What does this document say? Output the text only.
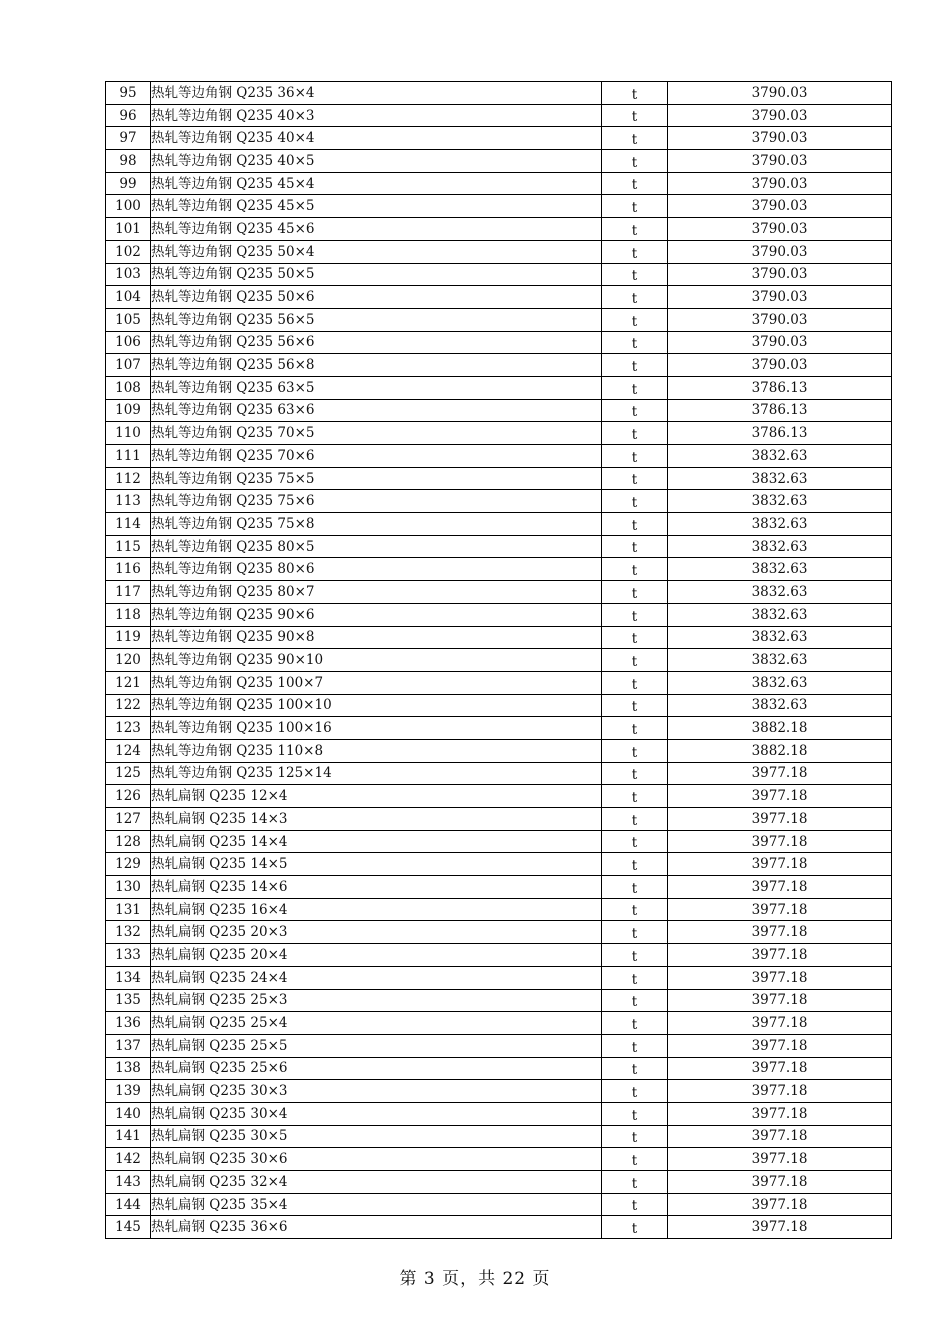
95	热轧等边角钢 Q235 36×4	t	3790.03
96	热轧等边角钢 Q235 40×3	t	3790.03
97	热轧等边角钢 Q235 40×4	t	3790.03
98	热轧等边角钢 Q235 40×5	t	3790.03
99	热轧等边角钢 Q235 45×4	t	3790.03
100	热轧等边角钢 Q235 45×5	t	3790.03
101	热轧等边角钢 Q235 45×6	t	3790.03
102	热轧等边角钢 Q235 50×4	t	3790.03
103	热轧等边角钢 Q235 50×5	t	3790.03
104	热轧等边角钢 Q235 50×6	t	3790.03
105	热轧等边角钢 Q235 56×5	t	3790.03
106	热轧等边角钢 Q235 56×6	t	3790.03
107	热轧等边角钢 Q235 56×8	t	3790.03
108	热轧等边角钢 Q235 63×5	t	3786.13
109	热轧等边角钢 Q235 63×6	t	3786.13
110	热轧等边角钢 Q235 70×5	t	3786.13
111	热轧等边角钢 Q235 70×6	t	3832.63
112	热轧等边角钢 Q235 75×5	t	3832.63
113	热轧等边角钢 Q235 75×6	t	3832.63
114	热轧等边角钢 Q235 75×8	t	3832.63
115	热轧等边角钢 Q235 80×5	t	3832.63
116	热轧等边角钢 Q235 80×6	t	3832.63
117	热轧等边角钢 Q235 80×7	t	3832.63
118	热轧等边角钢 Q235 90×6	t	3832.63
119	热轧等边角钢 Q235 90×8	t	3832.63
120	热轧等边角钢 Q235 90×10	t	3832.63
121	热轧等边角钢 Q235 100×7	t	3832.63
122	热轧等边角钢 Q235 100×10	t	3832.63
123	热轧等边角钢 Q235 100×16	t	3882.18
124	热轧等边角钢 Q235 110×8	t	3882.18
125	热轧等边角钢 Q235 125×14	t	3977.18
126	热轧扁钢 Q235 12×4	t	3977.18
127	热轧扁钢 Q235 14×3	t	3977.18
128	热轧扁钢 Q235 14×4	t	3977.18
129	热轧扁钢 Q235 14×5	t	3977.18
130	热轧扁钢 Q235 14×6	t	3977.18
131	热轧扁钢 Q235 16×4	t	3977.18
132	热轧扁钢 Q235 20×3	t	3977.18
133	热轧扁钢 Q235 20×4	t	3977.18
134	热轧扁钢 Q235 24×4	t	3977.18
135	热轧扁钢 Q235 25×3	t	3977.18
136	热轧扁钢 Q235 25×4	t	3977.18
137	热轧扁钢 Q235 25×5	t	3977.18
138	热轧扁钢 Q235 25×6	t	3977.18
139	热轧扁钢 Q235 30×3	t	3977.18
140	热轧扁钢 Q235 30×4	t	3977.18
141	热轧扁钢 Q235 30×5	t	3977.18
142	热轧扁钢 Q235 30×6	t	3977.18
143	热轧扁钢 Q235 32×4	t	3977.18
144	热轧扁钢 Q235 35×4	t	3977.18
145	热轧扁钢 Q235 36×6	t	3977.18
第 3 页，共 22 页
